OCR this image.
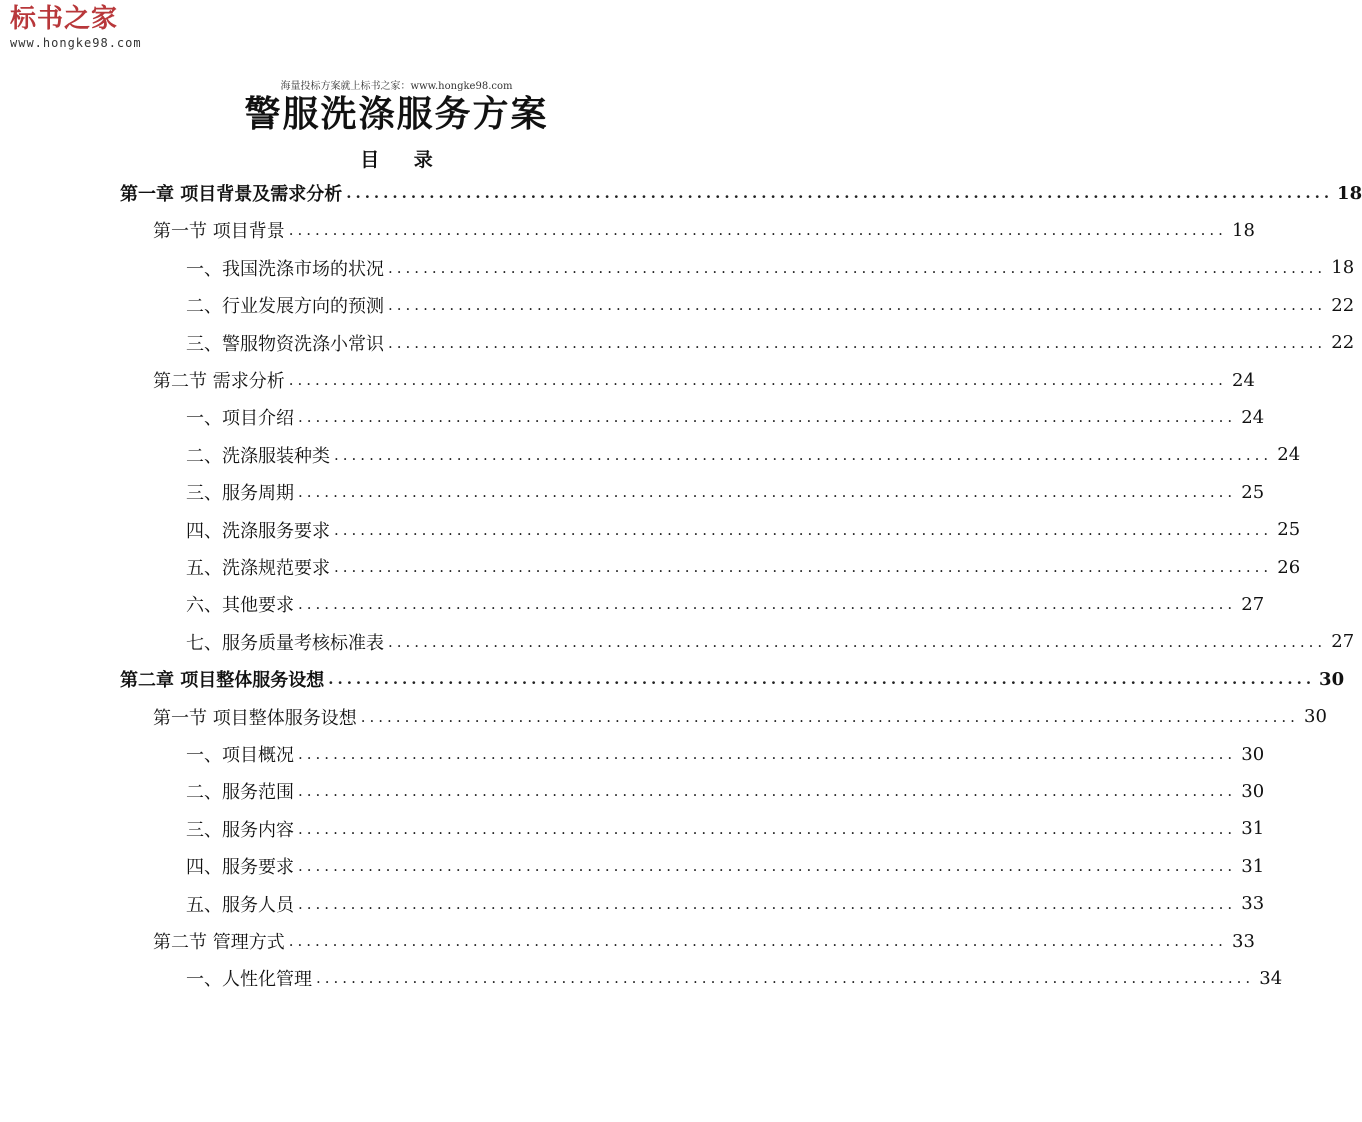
标书之家
www.hongke98.com
海量投标方案就上标书之家：www.hongke98.com
警服洗涤服务方案
目 录
第一章 项目背景及需求分析 ........................................................................................................... 18
第一节 项目背景 ........................................................................................................... 18
一、我国洗涤市场的状况 ........................................................................................................... 18
二、行业发展方向的预测 ........................................................................................................... 22
三、警服物资洗涤小常识 ........................................................................................................... 22
第二节 需求分析 ........................................................................................................... 24
一、项目介绍 ........................................................................................................... 24
二、洗涤服装种类 ........................................................................................................... 24
三、服务周期 ........................................................................................................... 25
四、洗涤服务要求 ........................................................................................................... 25
五、洗涤规范要求 ........................................................................................................... 26
六、其他要求 ........................................................................................................... 27
七、服务质量考核标准表 ........................................................................................................... 27
第二章 项目整体服务设想 ........................................................................................................... 30
第一节 项目整体服务设想 ........................................................................................................... 30
一、项目概况 ........................................................................................................... 30
二、服务范围 ........................................................................................................... 30
三、服务内容 ........................................................................................................... 31
四、服务要求 ........................................................................................................... 31
五、服务人员 ........................................................................................................... 33
第二节 管理方式 ........................................................................................................... 33
一、人性化管理 ........................................................................................................... 34
